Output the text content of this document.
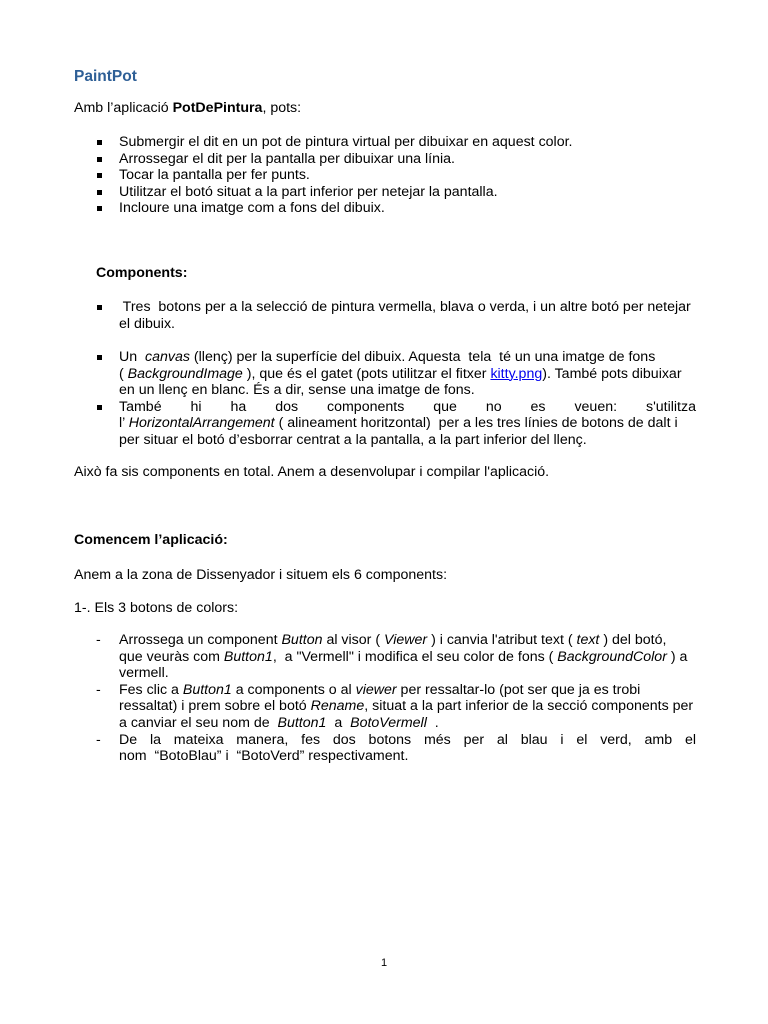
PaintPot
Amb l’aplicació PotDePintura, pots:
Submergir el dit en un pot de pintura virtual per dibuixar en aquest color.
Arrossegar el dit per la pantalla per dibuixar una línia.
Tocar la pantalla per fer punts.
Utilitzar el botó situat a la part inferior per netejar la pantalla.
Incloure una imatge com a fons del dibuix.
Components:
Tres  botons per a la selecció de pintura vermella, blava o verda, i un altre botó per netejar
el dibuix.
Un  canvas (llenç) per la superfície del dibuix. Aquesta  tela  té un una imatge de fons
( BackgroundImage ), que és el gatet (pots utilitzar el fitxer kitty.png). També pots dibuixar
en un llenç en blanc. És a dir, sense una imatge de fons.
També hi ha dos components que no es veuen: s'utilitza
l’ HorizontalArrangement ( alineament horitzontal)  per a les tres línies de botons de dalt i
per situar el botó d’esborrar centrat a la pantalla, a la part inferior del llenç.
Això fa sis components en total. Anem a desenvolupar i compilar l'aplicació.
Comencem l’aplicació:
Anem a la zona de Dissenyador i situem els 6 components:
1-. Els 3 botons de colors:
- Arrossega un component Button al visor ( Viewer ) i canvia l'atribut text ( text ) del botó,
que veuràs com Button1,  a "Vermell" i modifica el seu color de fons ( BackgroundColor ) a
vermell.
- Fes clic a Button1 a components o al viewer per ressaltar-lo (pot ser que ja es trobi
ressaltat) i prem sobre el botó Rename, situat a la part inferior de la secció components per
a canviar el seu nom de  Button1  a  BotoVermell  .
- De la mateixa manera, fes dos botons més per al blau i el verd, amb el
nom  “BotoBlau” i  “BotoVerd” respectivament.
1
